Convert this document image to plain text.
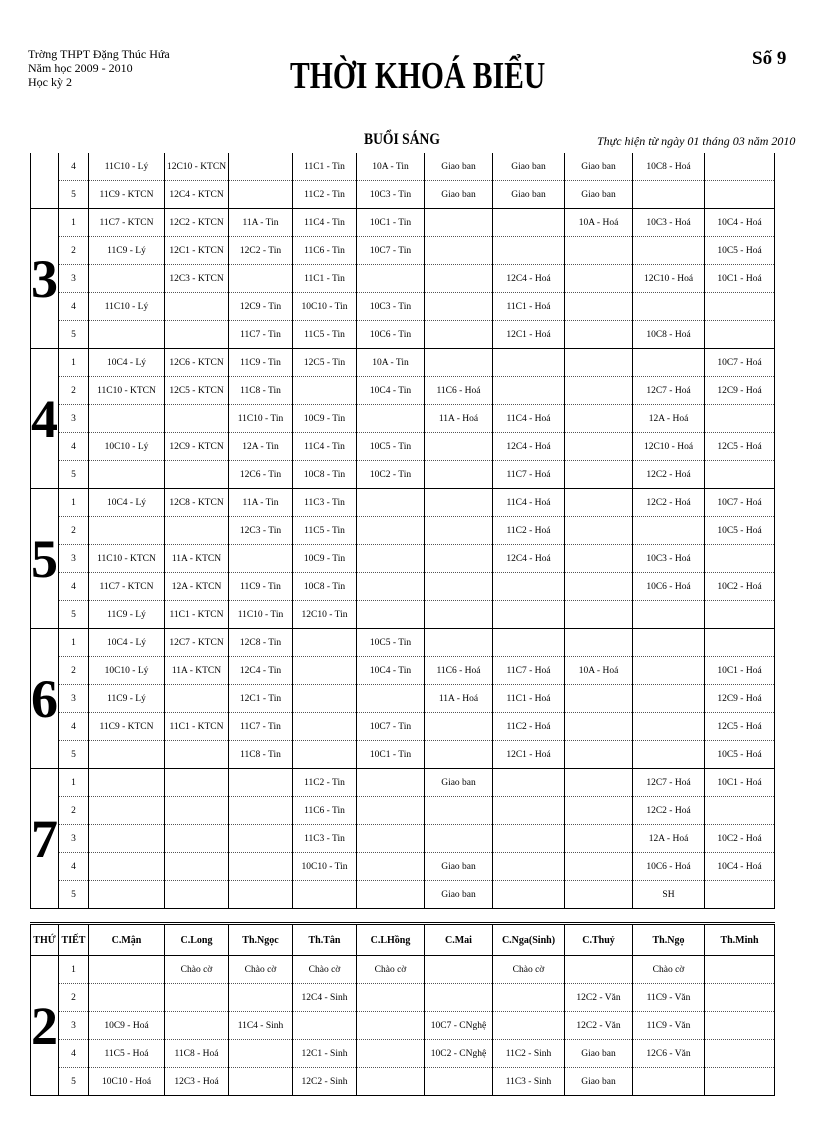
Trờng THPT Đặng Thúc Hứa
Năm học 2009 - 2010
Học kỳ 2	THỜI KHOÁ BIỂU	Số 9
BUỔI SÁNG	Thực hiện từ ngày 01 tháng 03 năm 2010
	4	11C10 - Lý	12C10 - KTCN		11C1 - Tin	10A - Tin	Giao ban	Giao ban	Giao ban	10C8 - Hoá	
	5	11C9 - KTCN	12C4 - KTCN		11C2 - Tin	10C3 - Tin	Giao ban	Giao ban	Giao ban		
3	1	11C7 - KTCN	12C2 - KTCN	11A - Tin	11C4 - Tin	10C1 - Tin			10A - Hoá	10C3 - Hoá	10C4 - Hoá
	2	11C9 - Lý	12C1 - KTCN	12C2 - Tin	11C6 - Tin	10C7 - Tin					10C5 - Hoá
	3		12C3 - KTCN		11C1 - Tin			12C4 - Hoá		12C10 - Hoá	10C1 - Hoá
	4	11C10 - Lý		12C9 - Tin	10C10 - Tin	10C3 - Tin		11C1 - Hoá			
	5			11C7 - Tin	11C5 - Tin	10C6 - Tin		12C1 - Hoá		10C8 - Hoá	
4	1	10C4 - Lý	12C6 - KTCN	11C9 - Tin	12C5 - Tin	10A - Tin					10C7 - Hoá
	2	11C10 - KTCN	12C5 - KTCN	11C8 - Tin		10C4 - Tin	11C6 - Hoá			12C7 - Hoá	12C9 - Hoá
	3			11C10 - Tin	10C9 - Tin		11A - Hoá	11C4 - Hoá		12A - Hoá	
	4	10C10 - Lý	12C9 - KTCN	12A - Tin	11C4 - Tin	10C5 - Tin		12C4 - Hoá		12C10 - Hoá	12C5 - Hoá
	5			12C6 - Tin	10C8 - Tin	10C2 - Tin		11C7 - Hoá		12C2 - Hoá	
5	1	10C4 - Lý	12C8 - KTCN	11A - Tin	11C3 - Tin			11C4 - Hoá		12C2 - Hoá	10C7 - Hoá
	2			12C3 - Tin	11C5 - Tin			11C2 - Hoá			10C5 - Hoá
	3	11C10 - KTCN	11A - KTCN		10C9 - Tin			12C4 - Hoá		10C3 - Hoá	
	4	11C7 - KTCN	12A - KTCN	11C9 - Tin	10C8 - Tin					10C6 - Hoá	10C2 - Hoá
	5	11C9 - Lý	11C1 - KTCN	11C10 - Tin	12C10 - Tin						
6	1	10C4 - Lý	12C7 - KTCN	12C8 - Tin		10C5 - Tin					
	2	10C10 - Lý	11A - KTCN	12C4 - Tin		10C4 - Tin	11C6 - Hoá	11C7 - Hoá	10A - Hoá		10C1 - Hoá
	3	11C9 - Lý		12C1 - Tin			11A - Hoá	11C1 - Hoá			12C9 - Hoá
	4	11C9 - KTCN	11C1 - KTCN	11C7 - Tin		10C7 - Tin		11C2 - Hoá			12C5 - Hoá
	5			11C8 - Tin		10C1 - Tin		12C1 - Hoá			10C5 - Hoá
7	1				11C2 - Tin		Giao ban			12C7 - Hoá	10C1 - Hoá
	2				11C6 - Tin					12C2 - Hoá	
	3				11C3 - Tin					12A - Hoá	10C2 - Hoá
	4				10C10 - Tin		Giao ban			10C6 - Hoá	10C4 - Hoá
	5						Giao ban			SH	
THỨ	TIẾT	C.Mận	C.Long	Th.Ngọc	Th.Tân	C.LHồng	C.Mai	C.Nga(Sinh)	C.Thuỷ	Th.Ngọ	Th.Minh
2	1		Chào cờ	Chào cờ	Chào cờ	Chào cờ		Chào cờ		Chào cờ	
	2				12C4 - Sinh				12C2 - Văn	11C9 - Văn	
	3	10C9 - Hoá		11C4 - Sinh			10C7 - CNghệ		12C2 - Văn	11C9 - Văn	
	4	11C5 - Hoá	11C8 - Hoá		12C1 - Sinh		10C2 - CNghệ	11C2 - Sinh	Giao ban	12C6 - Văn	
	5	10C10 - Hoá	12C3 - Hoá		12C2 - Sinh			11C3 - Sinh	Giao ban		
